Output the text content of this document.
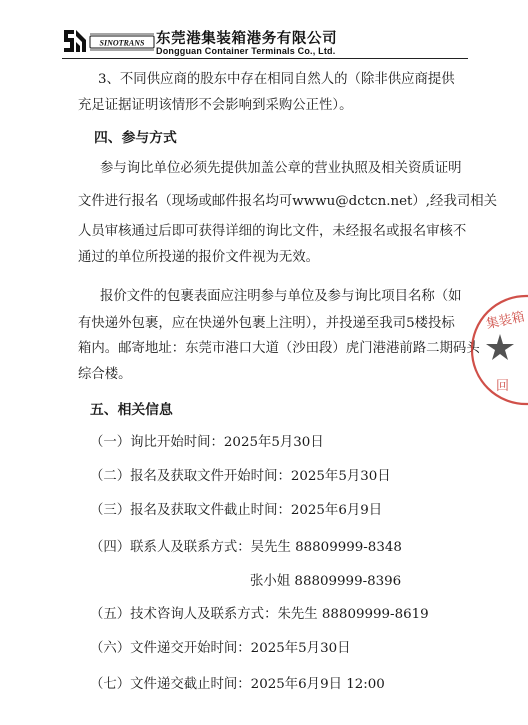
SINOTRANS 东莞港集装箱港务有限公司
Dongguan Container Terminals Co., Ltd.
3、不同供应商的股东中存在相同自然人的（除非供应商提供
充足证据证明该情形不会影响到采购公正性）。
四、参与方式
参与询比单位必须先提供加盖公章的营业执照及相关资质证明
文件进行报名（现场或邮件报名均可wwwu@dctcn.net）,经我司相关
人员审核通过后即可获得详细的询比文件，未经报名或报名审核不
通过的单位所投递的报价文件视为无效。
报价文件的包裹表面应注明参与单位及参与询比项目名称（如
有快递外包裹，应在快递外包裹上注明），并投递至我司5楼投标
箱内。邮寄地址：东莞市港口大道（沙田段）虎门港港前路二期码头
综合楼。
五、相关信息
（一）询比开始时间：2025年5月30日
（二）报名及获取文件开始时间：2025年5月30日
（三）报名及获取文件截止时间：2025年6月9日
（四）联系人及联系方式：吴先生 88809999-8348
张小姐 88809999-8396
（五）技术咨询人及联系方式：朱先生 88809999-8619
（六）文件递交开始时间：2025年5月30日
（七）文件递交截止时间：2025年6月9日 12:00
集装箱
回
